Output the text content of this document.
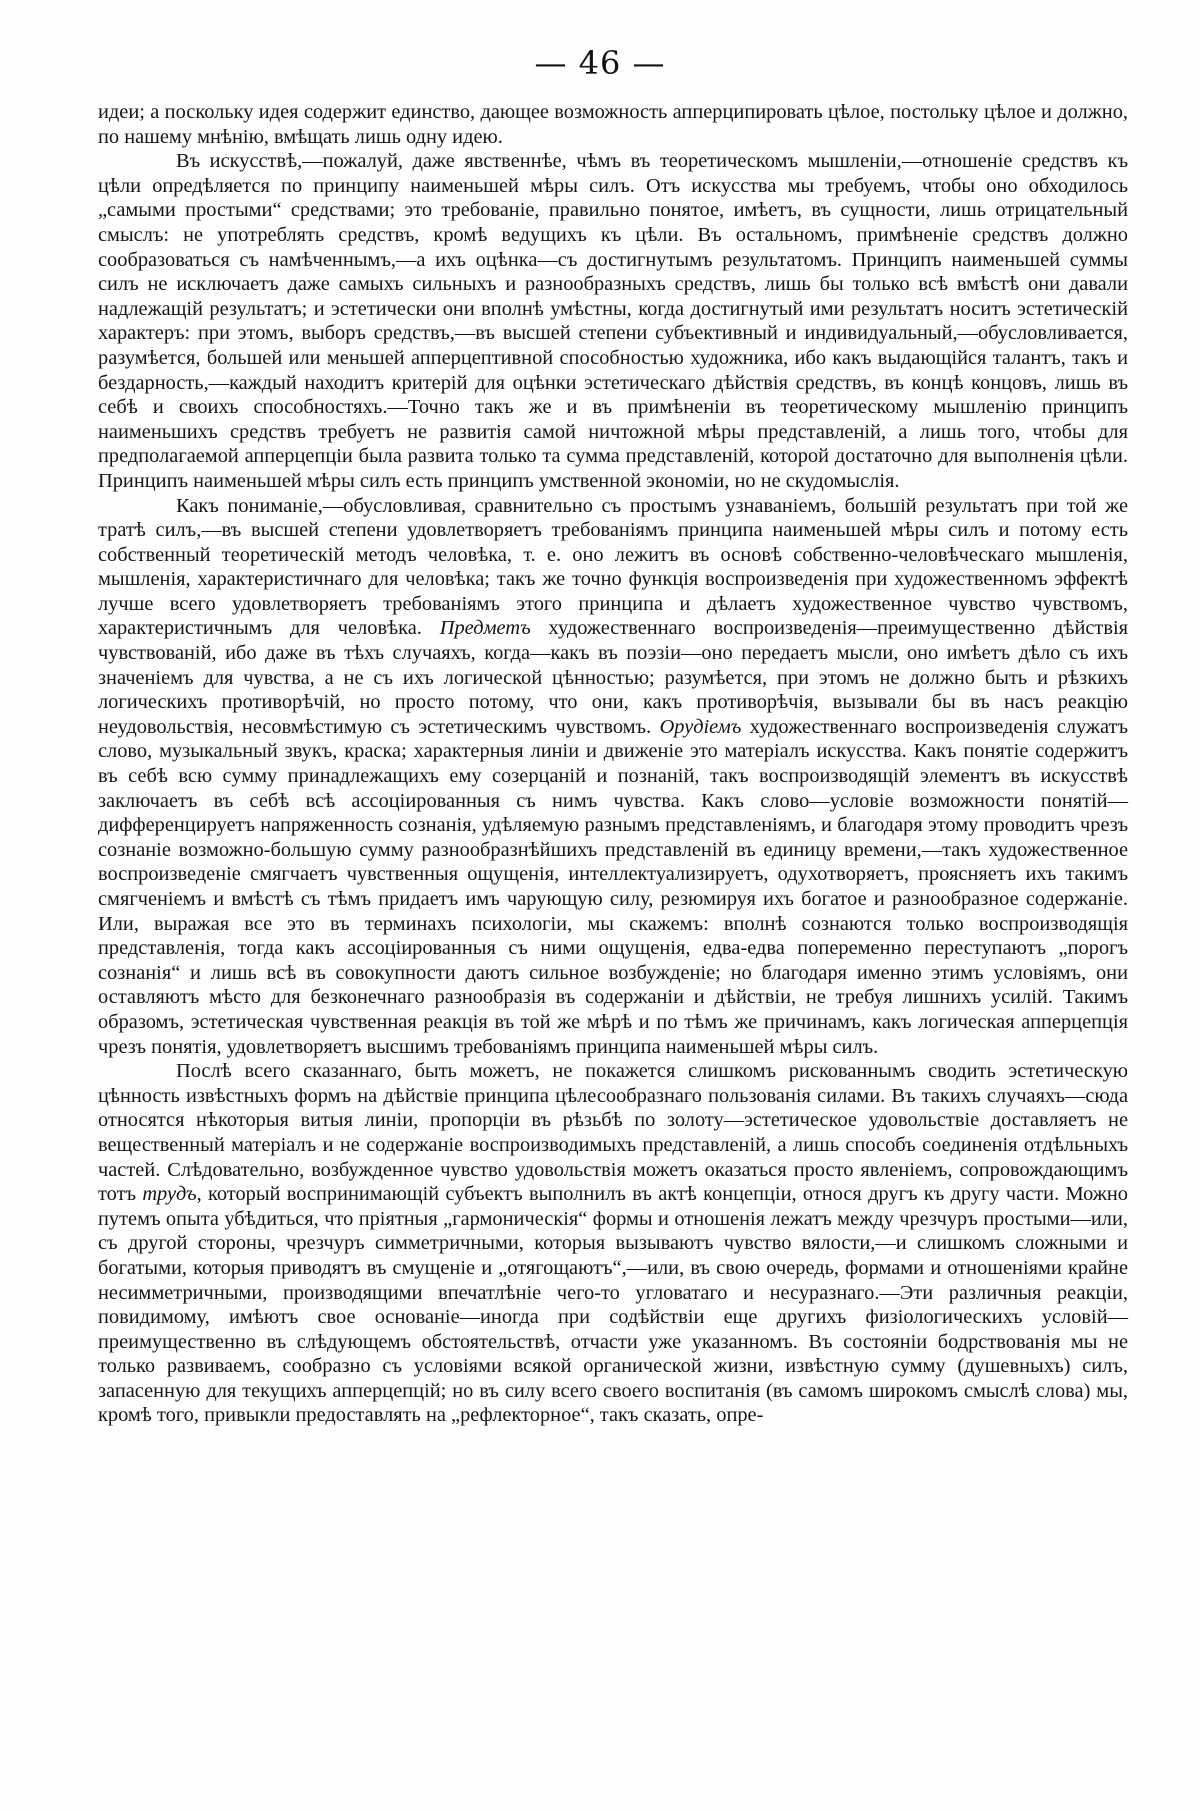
— 46 —

идеи; а поскольку идея содержит единство, дающее возможность апперципировать цѣлое, постольку цѣлое и должно, по нашему мнѣнію, вмѣщать лишь одну идею.

Въ искусствѣ,—пожалуй, даже явственнѣе, чѣмъ въ теоретическомъ мышленіи,—отношеніе средствъ къ цѣли опредѣляется по принципу наименьшей мѣры силъ. Отъ искусства мы требуемъ, чтобы оно обходилось „самыми простыми“ средствами; это требованіе, правильно понятое, имѣетъ, въ сущности, лишь отрицательный смыслъ: не употреблять средствъ, кромѣ ведущихъ къ цѣли. Въ остальномъ, примѣненіе средствъ должно сообразоваться съ намѣченнымъ,—а ихъ оцѣнка—съ достигнутымъ результатомъ. Принципъ наименьшей суммы силъ не исключаетъ даже самыхъ сильныхъ и разнообразныхъ средствъ, лишь бы только всѣ вмѣстѣ они давали надлежащій результатъ; и эстетически они вполнѣ умѣстны, когда достигнутый ими результатъ носитъ эстетическій характеръ: при этомъ, выборъ средствъ,—въ высшей степени субъективный и индивидуальный,—обусловливается, разумѣется, большей или меньшей апперцептивной способностью художника, ибо какъ выдающійся талантъ, такъ и бездарность,—каждый находитъ критерій для оцѣнки эстетическаго дѣйствія средствъ, въ концѣ концовъ, лишь въ себѣ и своихъ способностяхъ.—Точно такъ же и въ примѣненіи въ теоретическому мышленію принципъ наименьшихъ средствъ требуетъ не развитія самой ничтожной мѣры представленій, а лишь того, чтобы для предполагаемой апперцепціи была развита только та сумма представленій, которой достаточно для выполненія цѣли. Принципъ наименьшей мѣры силъ есть принципъ умственной экономіи, но не скудомыслія.

Какъ пониманіе,—обусловливая, сравнительно съ простымъ узнаваніемъ, большій результатъ при той же тратѣ силъ,—въ высшей степени удовлетворяетъ требованіямъ принципа наименьшей мѣры силъ и потому есть собственный теоретическій методъ человѣка, т. е. оно лежитъ въ основѣ собственно-человѣческаго мышленія, мышленія, характеристичнаго для человѣка; такъ же точно функція воспроизведенія при художественномъ эффектѣ лучше всего удовлетворяетъ требованіямъ этого принципа и дѣлаетъ художественное чувство чувствомъ, характеристичнымъ для человѣка. Предметъ художественнаго воспроизведенія—преимущественно дѣйствія чувствованій, ибо даже въ тѣхъ случаяхъ, когда—какъ въ поэзіи—оно передаетъ мысли, оно имѣетъ дѣло съ ихъ значеніемъ для чувства, а не съ ихъ логической цѣнностью; разумѣется, при этомъ не должно быть и рѣзкихъ логическихъ противорѣчій, но просто потому, что они, какъ противорѣчія, вызывали бы въ насъ реакцію неудовольствія, несовмѣстимую съ эстетическимъ чувствомъ. Орудіемъ художественнаго воспроизведенія служатъ слово, музыкальный звукъ, краска; характерныя линіи и движеніе это матеріалъ искусства. Какъ понятіе содержитъ въ себѣ всю сумму принадлежащихъ ему созерцаній и познаній, такъ воспроизводящій элементъ въ искусствѣ заключаетъ въ себѣ всѣ ассоціированныя съ нимъ чувства. Какъ слово—условіе возможности понятій—дифференцируетъ напряженность сознанія, удѣляемую разнымъ представленіямъ, и благодаря этому проводитъ чрезъ сознаніе возможно-большую сумму разнообразнѣйшихъ представленій въ единицу времени,—такъ художественное воспроизведеніе смягчаетъ чувственныя ощущенія, интеллектуализируетъ, одухотворяетъ, проясняетъ ихъ такимъ смягченіемъ и вмѣстѣ съ тѣмъ придаетъ имъ чарующую силу, резюмируя ихъ богатое и разнообразное содержаніе. Или, выражая все это въ терминахъ психологіи, мы скажемъ: вполнѣ сознаются только воспроизводящія представленія, тогда какъ ассоціированныя съ ними ощущенія, едва-едва попеременно переступаютъ „порогъ сознанія“ и лишь всѣ въ совокупности даютъ сильное возбужденіе; но благодаря именно этимъ условіямъ, они оставляютъ мѣсто для безконечнаго разнообразія въ содержаніи и дѣйствіи, не требуя лишнихъ усилій. Такимъ образомъ, эстетическая чувственная реакція въ той же мѣрѣ и по тѣмъ же причинамъ, какъ логическая апперцепція чрезъ понятія, удовлетворяетъ высшимъ требованіямъ принципа наименьшей мѣры силъ.

Послѣ всего сказаннаго, быть можетъ, не покажется слишкомъ рискованнымъ сводить эстетическую цѣнность извѣстныхъ формъ на дѣйствіе принципа цѣлесообразнаго пользованія силами. Въ такихъ случаяхъ—сюда относятся нѣкоторыя витыя линіи, пропорціи въ рѣзьбѣ по золоту—эстетическое удовольствіе доставляетъ не вещественный матеріалъ и не содержаніе воспроизводимыхъ представленій, а лишь способъ соединенія отдѣльныхъ частей. Слѣдовательно, возбужденное чувство удовольствія можетъ оказаться просто явленіемъ, сопровождающимъ тотъ трудъ, который воспринимающій субъектъ выполнилъ въ актѣ концепціи, относя другъ къ другу части. Можно путемъ опыта убѣдиться, что пріятныя „гармоническія“ формы и отношенія лежатъ между чрезчуръ простыми—или, съ другой стороны, чрезчуръ симметричными, которыя вызываютъ чувство вялости,—и слишкомъ сложными и богатыми, которыя приводятъ въ смущеніе и „отягощаютъ“,—или, въ свою очередь, формами и отношеніями крайне несимметричными, производящими впечатлѣніе чего-то угловатаго и несуразнаго.—Эти различныя реакціи, повидимому, имѣютъ свое основаніе—иногда при содѣйствіи еще другихъ физіологическихъ условій—преимущественно въ слѣдующемъ обстоятельствѣ, отчасти уже указанномъ. Въ состояніи бодрствованія мы не только развиваемъ, сообразно съ условіями всякой органической жизни, извѣстную сумму (душевныхъ) силъ, запасенную для текущихъ апперцепцій; но въ силу всего своего воспитанія (въ самомъ широкомъ смыслѣ слова) мы, кромѣ того, привыкли предоставлять на „рефлекторное“, такъ сказать, опре-
